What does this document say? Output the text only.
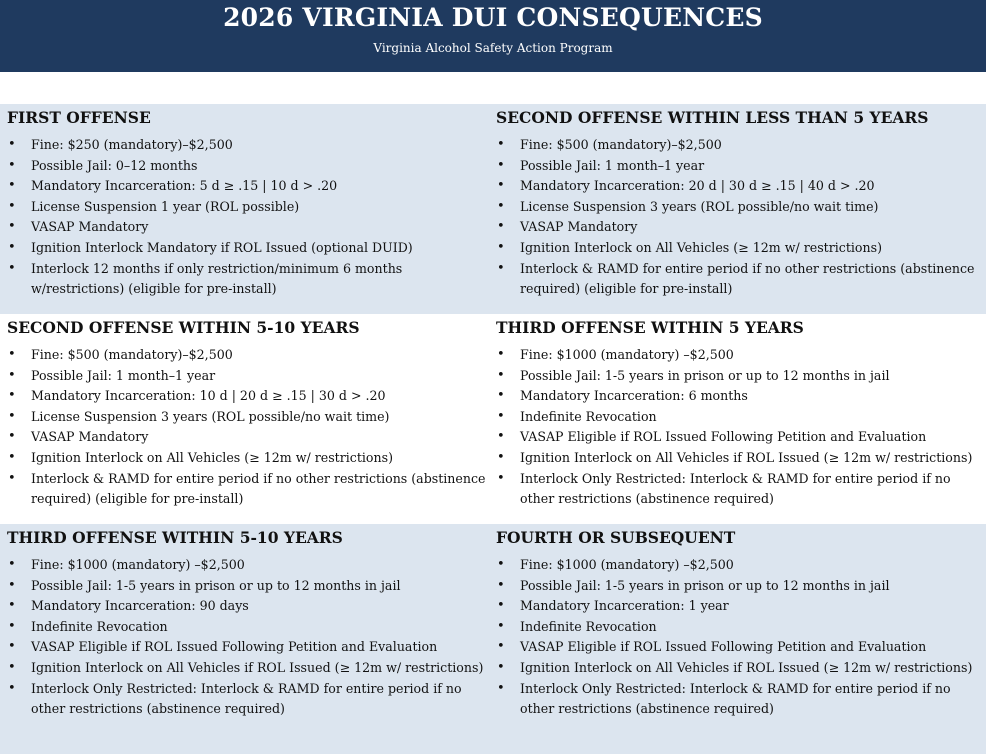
2026 VIRGINIA DUI CONSEQUENCES
Virginia Alcohol Safety Action Program
FIRST OFFENSE
• Fine: $250 (mandatory)–$2,500
• Possible Jail: 0–12 months
• Mandatory Incarceration: 5 d ≥ .15 | 10 d > .20
• License Suspension 1 year (ROL possible)
• VASAP Mandatory
• Ignition Interlock Mandatory if ROL Issued (optional DUID)
• Interlock 12 months if only restriction/minimum 6 months w/restrictions) (eligible for pre-install)
SECOND OFFENSE WITHIN LESS THAN 5 YEARS
• Fine: $500 (mandatory)–$2,500
• Possible Jail: 1 month–1 year
• Mandatory Incarceration: 20 d | 30 d ≥ .15 | 40 d > .20
• License Suspension 3 years (ROL possible/no wait time)
• VASAP Mandatory
• Ignition Interlock on All Vehicles (≥ 12m w/ restrictions)
• Interlock & RAMD for entire period if no other restrictions (abstinence required) (eligible for pre-install)
SECOND OFFENSE WITHIN 5-10 YEARS
• Fine: $500 (mandatory)–$2,500
• Possible Jail: 1 month–1 year
• Mandatory Incarceration: 10 d | 20 d ≥ .15 | 30 d > .20
• License Suspension 3 years (ROL possible/no wait time)
• VASAP Mandatory
• Ignition Interlock on All Vehicles (≥ 12m w/ restrictions)
• Interlock & RAMD for entire period if no other restrictions (abstinence required) (eligible for pre-install)
THIRD OFFENSE WITHIN 5 YEARS
• Fine: $1000 (mandatory) –$2,500
• Possible Jail: 1-5 years in prison or up to 12 months in jail
• Mandatory Incarceration: 6 months
• Indefinite Revocation
• VASAP Eligible if ROL Issued Following Petition and Evaluation
• Ignition Interlock on All Vehicles if ROL Issued (≥ 12m w/ restrictions)
• Interlock Only Restricted: Interlock & RAMD for entire period if no other restrictions (abstinence required)
THIRD OFFENSE WITHIN 5-10 YEARS
• Fine: $1000 (mandatory) –$2,500
• Possible Jail: 1-5 years in prison or up to 12 months in jail
• Mandatory Incarceration: 90 days
• Indefinite Revocation
• VASAP Eligible if ROL Issued Following Petition and Evaluation
• Ignition Interlock on All Vehicles if ROL Issued (≥ 12m w/ restrictions)
• Interlock Only Restricted: Interlock & RAMD for entire period if no other restrictions (abstinence required)
FOURTH OR SUBSEQUENT
• Fine: $1000 (mandatory) –$2,500
• Possible Jail: 1-5 years in prison or up to 12 months in jail
• Mandatory Incarceration: 1 year
• Indefinite Revocation
• VASAP Eligible if ROL Issued Following Petition and Evaluation
• Ignition Interlock on All Vehicles if ROL Issued (≥ 12m w/ restrictions)
• Interlock Only Restricted: Interlock & RAMD for entire period if no other restrictions (abstinence required)
